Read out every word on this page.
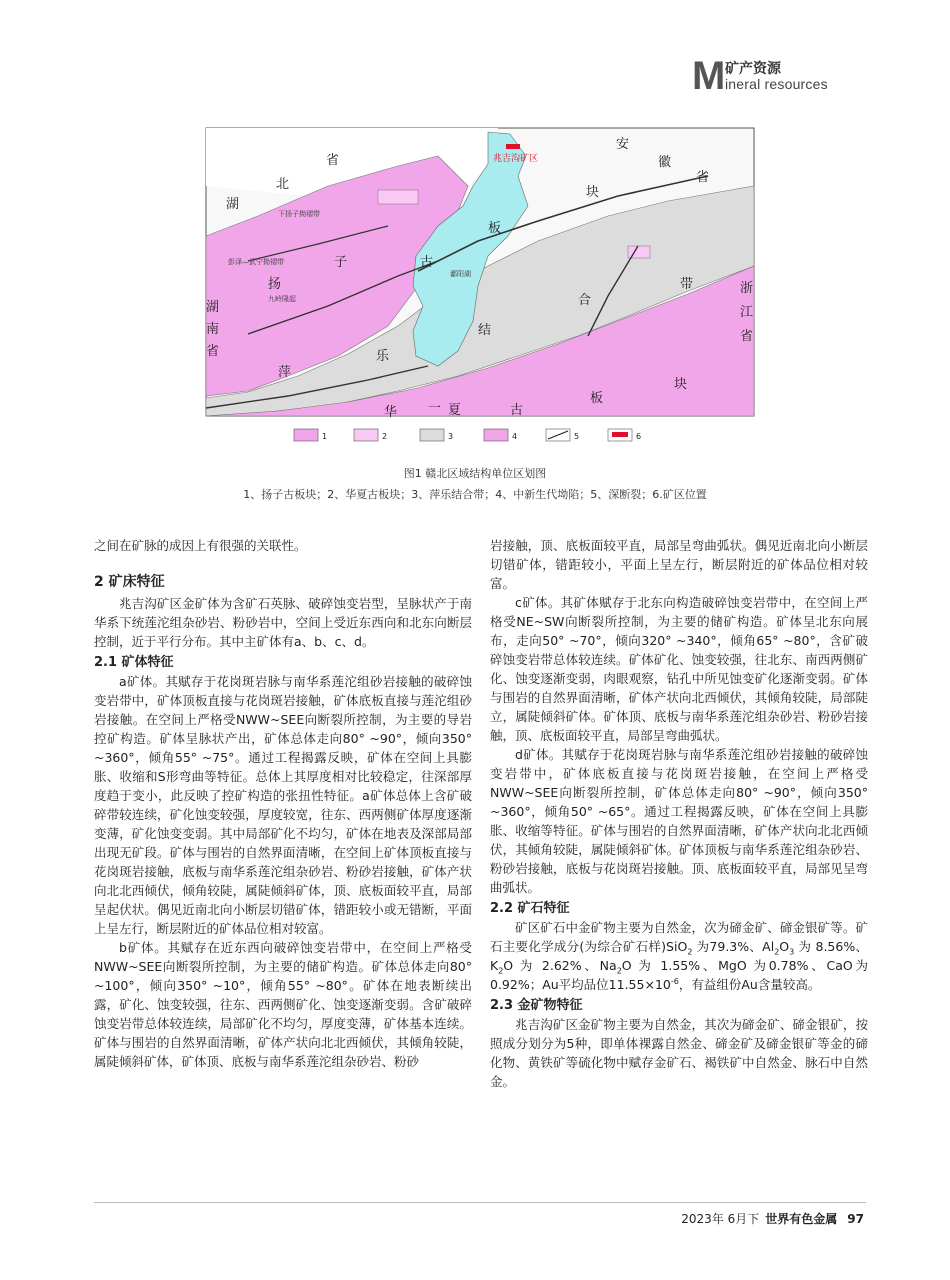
M 矿产资源
ineral resources
兆吉沟矿区
安
徽
省
省
北
湖
湖
南
省
浙
江
省
块
板
带
块
子
扬
古
合
结
萍
乐
板
华	夏	古
一
下扬子拗褶带
九岭隆起
彭泽—武宁拗褶带
鄱阳湖
1	2	3	4	5	6
图1 赣北区域结构单位区划图
1、扬子古板块；2、华夏古板块；3、萍乐结合带；4、中新生代坳陷；5、深断裂；6.矿区位置

之间在矿脉的成因上有很强的关联性。

2 矿床特征

兆吉沟矿区金矿体为含矿石英脉、破碎蚀变岩型，呈脉状产于南华系下统莲沱组杂砂岩、粉砂岩中，空间上受近东西向和北东向断层控制，近于平行分布。其中主矿体有a、b、c、d。

2.1 矿体特征

a矿体。其赋存于花岗斑岩脉与南华系莲沱组砂岩接触的破碎蚀变岩带中，矿体顶板直接与花岗斑岩接触，矿体底板直接与莲沱组砂岩接触。在空间上严格受NWW~SEE向断裂所控制，为主要的导岩控矿构造。矿体呈脉状产出，矿体总体走向80° ~90°，倾向350° ~360°，倾角55° ~75°。通过工程揭露反映，矿体在空间上具膨胀、收缩和S形弯曲等特征。总体上其厚度相对比较稳定，往深部厚度趋于变小，此反映了控矿构造的张扭性特征。a矿体总体上含矿破碎带较连续，矿化蚀变较强，厚度较宽，往东、西两侧矿体厚度逐渐变薄，矿化蚀变变弱。其中局部矿化不均匀，矿体在地表及深部局部出现无矿段。矿体与围岩的自然界面清晰，在空间上矿体顶板直接与花岗斑岩接触，底板与南华系莲沱组杂砂岩、粉砂岩接触，矿体产状向北北西倾伏，倾角较陡，属陡倾斜矿体，顶、底板面较平直，局部呈起伏状。偶见近南北向小断层切错矿体，错距较小或无错断，平面上呈左行，断层附近的矿体品位相对较富。

b矿体。其赋存在近东西向破碎蚀变岩带中，在空间上严格受NWW~SEE向断裂所控制，为主要的储矿构造。矿体总体走向80° ~100°，倾向350° ~10°，倾角55° ~80°。矿体在地表断续出露，矿化、蚀变较强，往东、西两侧矿化、蚀变逐渐变弱。含矿破碎蚀变岩带总体较连续，局部矿化不均匀，厚度变薄，矿体基本连续。矿体与围岩的自然界面清晰，矿体产状向北北西倾伏，其倾角较陡，属陡倾斜矿体，矿体顶、底板与南华系莲沱组杂砂岩、粉砂

岩接触，顶、底板面较平直，局部呈弯曲弧状。偶见近南北向小断层切错矿体，错距较小，平面上呈左行，断层附近的矿体品位相对较富。

c矿体。其矿体赋存于北东向构造破碎蚀变岩带中，在空间上严格受NE~SW向断裂所控制，为主要的储矿构造。矿体呈北东向展布，走向50° ~70°，倾向320° ~340°，倾角65° ~80°，含矿破碎蚀变岩带总体较连续。矿体矿化、蚀变较强，往北东、南西两侧矿化、蚀变逐渐变弱，肉眼观察，钻孔中所见蚀变矿化逐渐变弱。矿体与围岩的自然界面清晰，矿体产状向北西倾伏，其倾角较陡，局部陡立，属陡倾斜矿体。矿体顶、底板与南华系莲沱组杂砂岩、粉砂岩接触，顶、底板面较平直，局部呈弯曲弧状。

d矿体。其赋存于花岗斑岩脉与南华系莲沱组砂岩接触的破碎蚀变岩带中，矿体底板直接与花岗斑岩接触，在空间上严格受NWW~SEE向断裂所控制，矿体总体走向80° ~90°，倾向350° ~360°，倾角50° ~65°。通过工程揭露反映，矿体在空间上具膨胀、收缩等特征。矿体与围岩的自然界面清晰，矿体产状向北北西倾伏，其倾角较陡，属陡倾斜矿体。矿体顶板与南华系莲沱组杂砂岩、粉砂岩接触，底板与花岗斑岩接触。顶、底板面较平直，局部见呈弯曲弧状。

2.2 矿石特征

矿区矿石中金矿物主要为自然金，次为碲金矿、碲金银矿等。矿石主要化学成分(为综合矿石样)SiO$_2$ 为79.3%、$Al_2O_3$ 为 8.56%、$K_2O$ 为 2.62%、$Na_2O$ 为 1.55%、MgO 为0.78%、CaO为0.92%；Au平均品位$11.55\times 10^{-6}$，有益组份Au含量较高。

2.3 金矿物特征

兆吉沟矿区金矿物主要为自然金，其次为碲金矿、碲金银矿，按照成分划分为5种，即单体裸露自然金、碲金矿及碲金银矿等金的碲化物、黄铁矿等硫化物中赋存金矿石、褐铁矿中自然金、脉石中自然金。

2023年 6月下 世界有色金属 97
